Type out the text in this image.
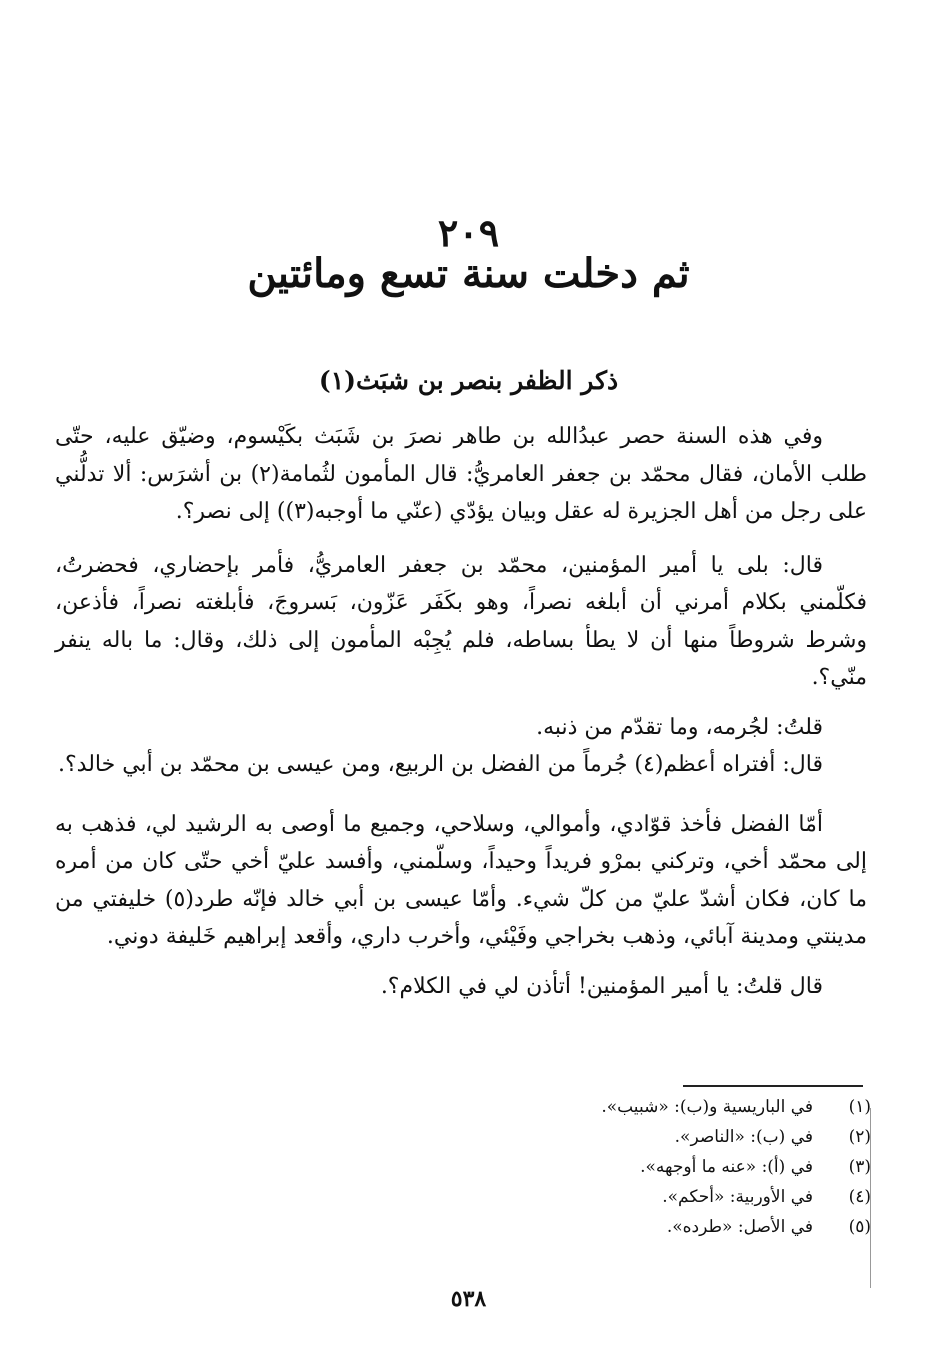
٢٠٩
ثم دخلت سنة تسع ومائتين
ذكر الظفر بنصر بن شبَث(١)

وفي هذه السنة حصر عبدُالله بن طاهر نصرَ بن شَبَث بكَيْسوم، وضيّق عليه، حتّى طلب الأمان، فقال محمّد بن جعفر العامريُّ: قال المأمون لثُمامة(٢) بن أشرَس: ألا تدلُّني على رجل من أهل الجزيرة له عقل وبيان يؤدّي (عنّي ما أوجبه(٣)) إلى نصر؟.

قال: بلى يا أمير المؤمنين، محمّد بن جعفر العامريُّ، فأمر بإحضاري، فحضرتُ، فكلّمني بكلام أمرني أن أبلغه نصراً، وهو بكَفَر عَزّون، بَسروجَ، فأبلغته نصراً، فأذعن، وشرط شروطاً منها أن لا يطأ بساطه، فلم يُجِبْه المأمون إلى ذلك، وقال: ما باله ينفر منّي؟.

قلتُ: لجُرمه، وما تقدّم من ذنبه.

قال: أفتراه أعظم(٤) جُرماً من الفضل بن الربيع، ومن عيسى بن محمّد بن أبي خالد؟.

أمّا الفضل فأخذ قوّادي، وأموالي، وسلاحي، وجميع ما أوصى به الرشيد لي، فذهب به إلى محمّد أخي، وتركني بمرْو فريداً وحيداً، وسلّمني، وأفسد عليّ أخي حتّى كان من أمره ما كان، فكان أشدّ عليّ من كلّ شيء. وأمّا عيسى بن أبي خالد فإنّه طرد(٥) خليفتي من مدينتي ومدينة آبائي، وذهب بخراجي وفَيْئي، وأخرب داري، وأقعد إبراهيم خَليفة دوني.

قال قلتُ: يا أمير المؤمنين! أتأذن لي في الكلام؟.

(١)
في الباريسية و(ب): «شبيب».
(٢)
في (ب): «الناصر».
(٣)
في (أ): «عنه ما أوجهه».
(٤)
في الأوربية: «أحكم».
(٥)
في الأصل: «طرده».
٥٣٨
